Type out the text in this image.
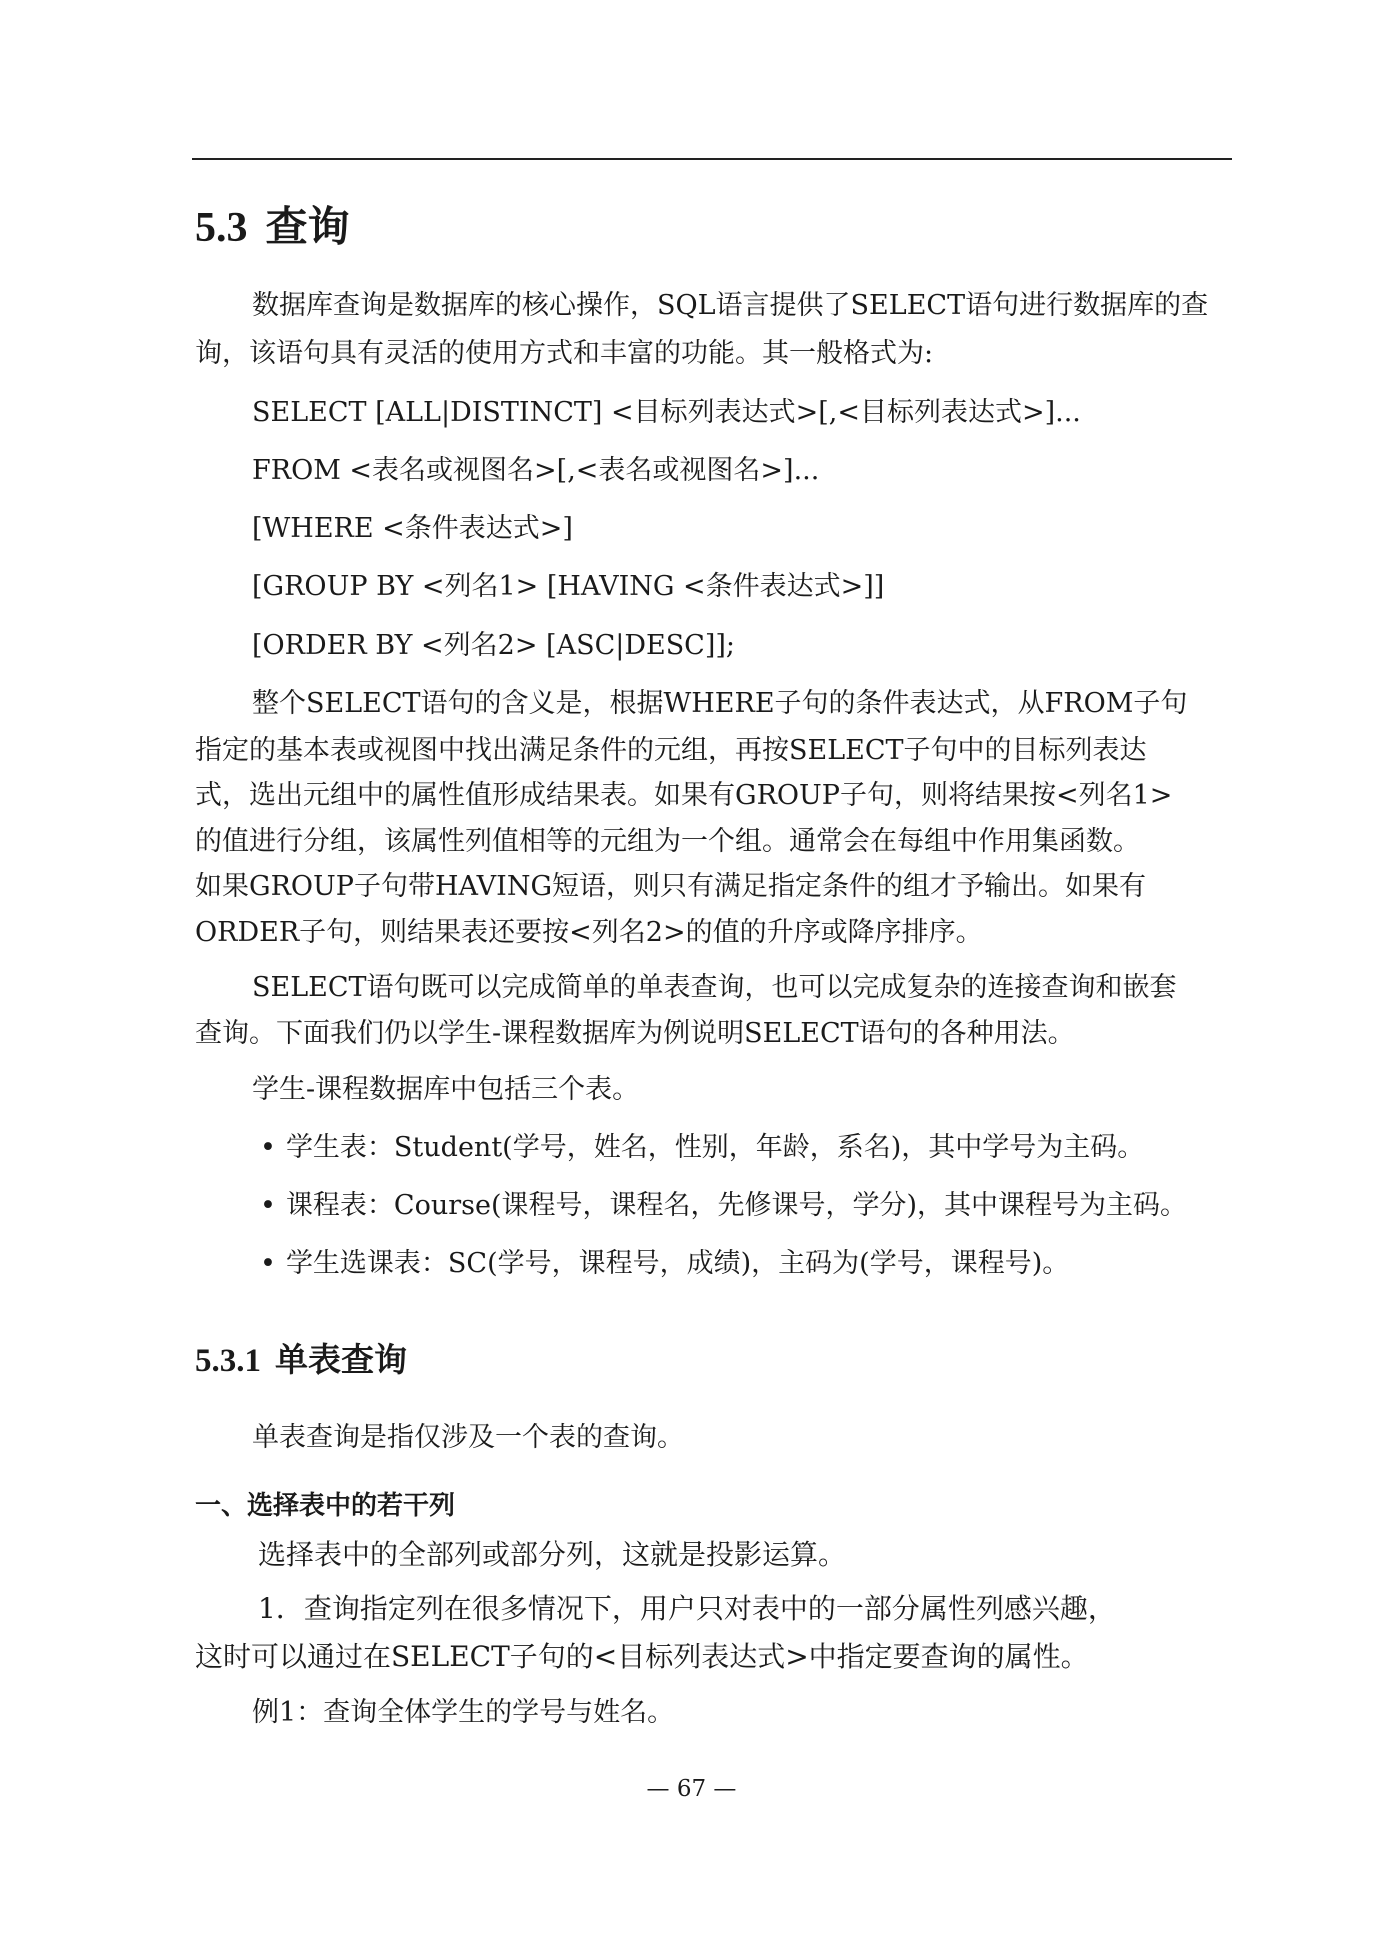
5.3 查询

数据库查询是数据库的核心操作，SQL语言提供了SELECT语句进行数据库的查

询，该语句具有灵活的使用方式和丰富的功能。其一般格式为:

SELECT [ALL|DISTINCT] <目标列表达式>[,<目标列表达式>]...

FROM <表名或视图名>[,<表名或视图名>]...

[WHERE <条件表达式>]

[GROUP BY <列名1> [HAVING <条件表达式>]]

[ORDER BY <列名2> [ASC|DESC]];

整个SELECT语句的含义是，根据WHERE子句的条件表达式，从FROM子句

指定的基本表或视图中找出满足条件的元组，再按SELECT子句中的目标列表达

式，选出元组中的属性值形成结果表。如果有GROUP子句，则将结果按<列名1>

的值进行分组，该属性列值相等的元组为一个组。通常会在每组中作用集函数。

如果GROUP子句带HAVING短语，则只有满足指定条件的组才予输出。如果有

ORDER子句，则结果表还要按<列名2>的值的升序或降序排序。

SELECT语句既可以完成简单的单表查询，也可以完成复杂的连接查询和嵌套

查询。下面我们仍以学生-课程数据库为例说明SELECT语句的各种用法。

学生-课程数据库中包括三个表。

• 学生表：Student(学号，姓名，性别，年龄，系名)，其中学号为主码。

• 课程表：Course(课程号，课程名，先修课号，学分)，其中课程号为主码。

• 学生选课表：SC(学号，课程号，成绩)，主码为(学号，课程号)。

5.3.1 单表查询

单表查询是指仅涉及一个表的查询。

一、选择表中的若干列

选择表中的全部列或部分列，这就是投影运算。

1．查询指定列在很多情况下，用户只对表中的一部分属性列感兴趣，

这时可以通过在SELECT子句的<目标列表达式>中指定要查询的属性。

例1：查询全体学生的学号与姓名。

— 67 —
